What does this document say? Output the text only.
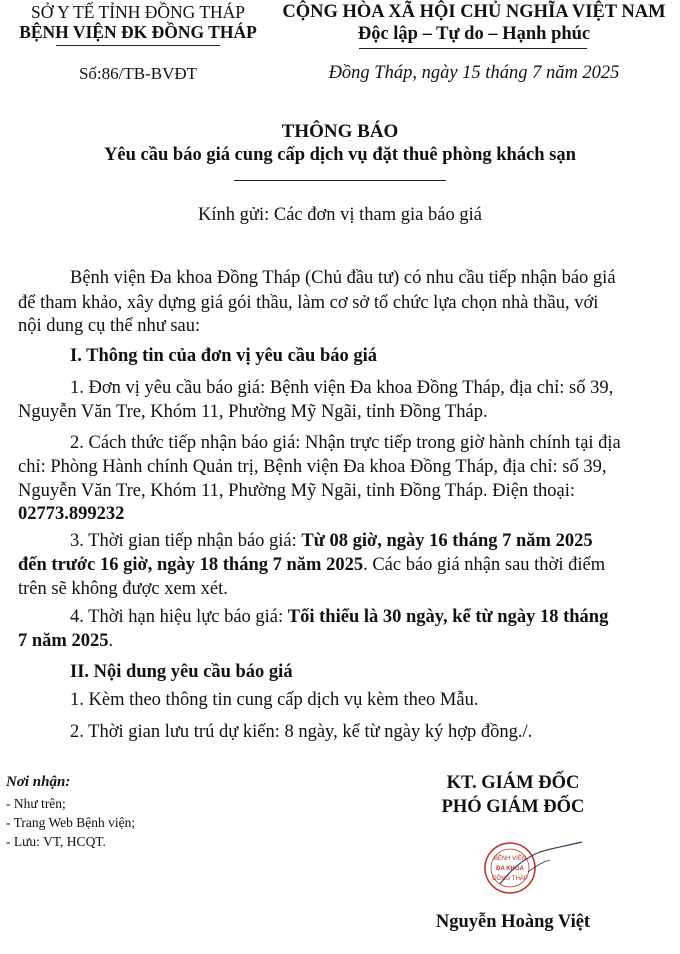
SỞ Y TẾ TỈNH ĐỒNG THÁP
BỆNH VIỆN ĐK ĐỒNG THÁP
Số:86/TB-BVĐT
CỘNG HÒA XÃ HỘI CHỦ NGHĨA VIỆT NAM
Độc lập – Tự do – Hạnh phúc
Đồng Tháp, ngày 15 tháng 7 năm 2025
THÔNG BÁO
Yêu cầu báo giá cung cấp dịch vụ đặt thuê phòng khách sạn
Kính gửi: Các đơn vị tham gia báo giá
Bệnh viện Đa khoa Đồng Tháp (Chủ đầu tư) có nhu cầu tiếp nhận báo giá
để tham khảo, xây dựng giá gói thầu, làm cơ sở tổ chức lựa chọn nhà thầu, với
nội dung cụ thể như sau:
I. Thông tin của đơn vị yêu cầu báo giá
1. Đơn vị yêu cầu báo giá: Bệnh viện Đa khoa Đồng Tháp, địa chỉ: số 39,
Nguyễn Văn Tre, Khóm 11, Phường Mỹ Ngãi, tỉnh Đồng Tháp.
2. Cách thức tiếp nhận báo giá: Nhận trực tiếp trong giờ hành chính tại địa
chỉ: Phòng Hành chính Quản trị, Bệnh viện Đa khoa Đồng Tháp, địa chỉ: số 39,
Nguyễn Văn Tre, Khóm 11, Phường Mỹ Ngãi, tỉnh Đồng Tháp. Điện thoại:
02773.899232
3. Thời gian tiếp nhận báo giá: Từ 08 giờ, ngày 16 tháng 7 năm 2025
đến trước 16 giờ, ngày 18 tháng 7 năm 2025. Các báo giá nhận sau thời điểm
trên sẽ không được xem xét.
4. Thời hạn hiệu lực báo giá: Tối thiểu là 30 ngày, kể từ ngày 18 tháng
7 năm 2025.
II. Nội dung yêu cầu báo giá
1. Kèm theo thông tin cung cấp dịch vụ kèm theo Mẫu.
2. Thời gian lưu trú dự kiến: 8 ngày, kể từ ngày ký hợp đồng./.
Nơi nhận:
- Như trên;
- Trang Web Bệnh viện;
- Lưu: VT, HCQT.
KT. GIÁM ĐỐC
PHÓ GIÁM ĐỐC
BỆNH VIỆN
ĐA KHOA
ĐỒNG THÁP
Nguyễn Hoàng Việt
